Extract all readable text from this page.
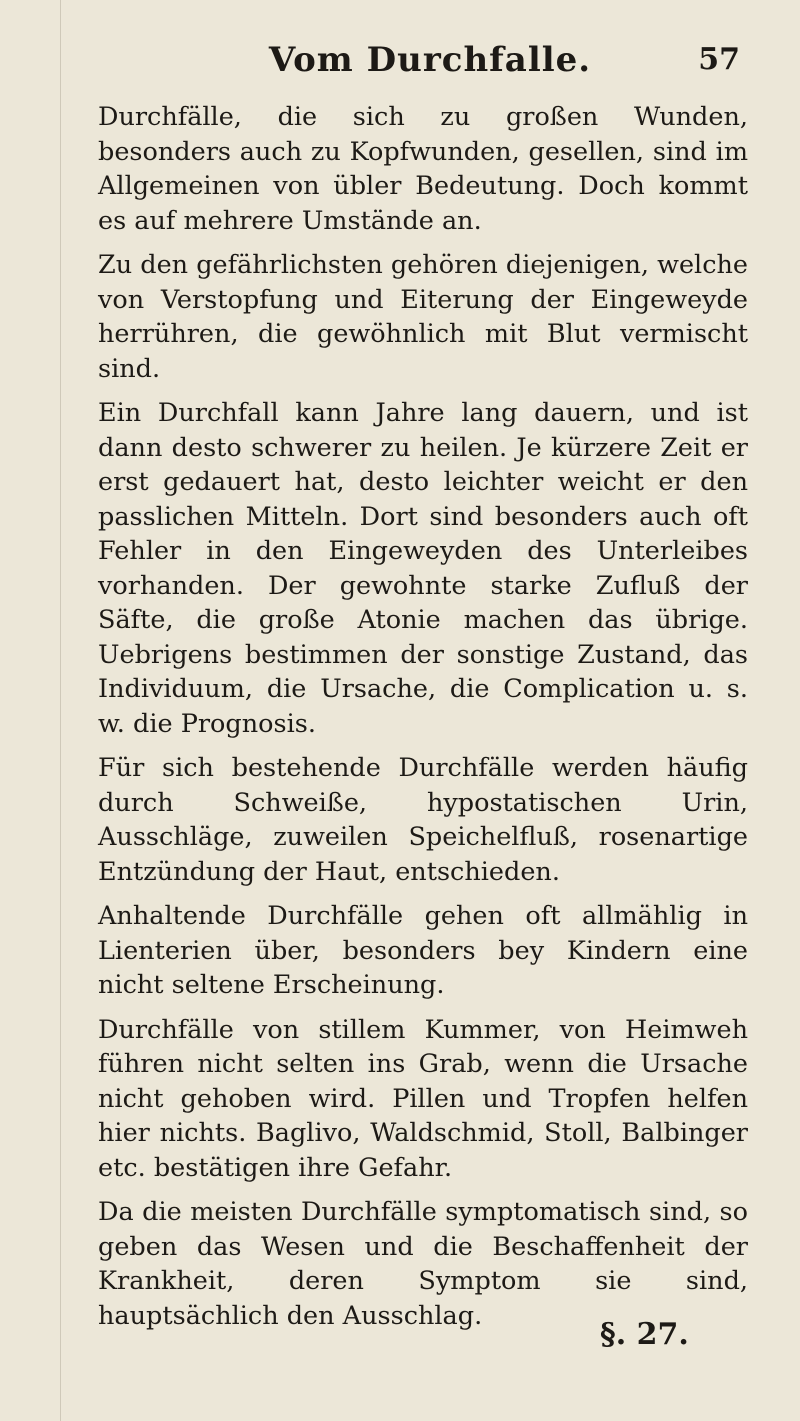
Vom Durchfalle.	57

Durchfälle, die sich zu großen Wunden, besonders auch zu Kopfwunden, gesellen, sind im Allgemeinen von übler Bedeutung. Doch kommt es auf mehrere Umstände an.

Zu den gefährlichsten gehören diejenigen, welche von Verstopfung und Eiterung der Eingeweyde herrühren, die gewöhnlich mit Blut vermischt sind.

Ein Durchfall kann Jahre lang dauern, und ist dann desto schwerer zu heilen. Je kürzere Zeit er erst gedauert hat, desto leichter weicht er den passlichen Mitteln. Dort sind besonders auch oft Fehler in den Eingeweyden des Unterleibes vorhanden. Der gewohnte starke Zufluß der Säfte, die große Atonie machen das übrige. Uebrigens bestimmen der sonstige Zustand, das Individuum, die Ursache, die Complication u. s. w. die Prognosis.

Für sich bestehende Durchfälle werden häufig durch Schweiße, hypostatischen Urin, Ausschläge, zuweilen Speichelfluß, rosenartige Entzündung der Haut, entschieden.

Anhaltende Durchfälle gehen oft allmählig in Lienterien über, besonders bey Kindern eine nicht seltene Erscheinung.

Durchfälle von stillem Kummer, von Heimweh führen nicht selten ins Grab, wenn die Ursache nicht gehoben wird. Pillen und Tropfen helfen hier nichts. Baglivo, Waldschmid, Stoll, Balbinger etc. bestätigen ihre Gefahr.

Da die meisten Durchfälle symptomatisch sind, so geben das Wesen und die Beschaffenheit der Krankheit, deren Symptom sie sind, hauptsächlich den Ausschlag.

§. 27.
